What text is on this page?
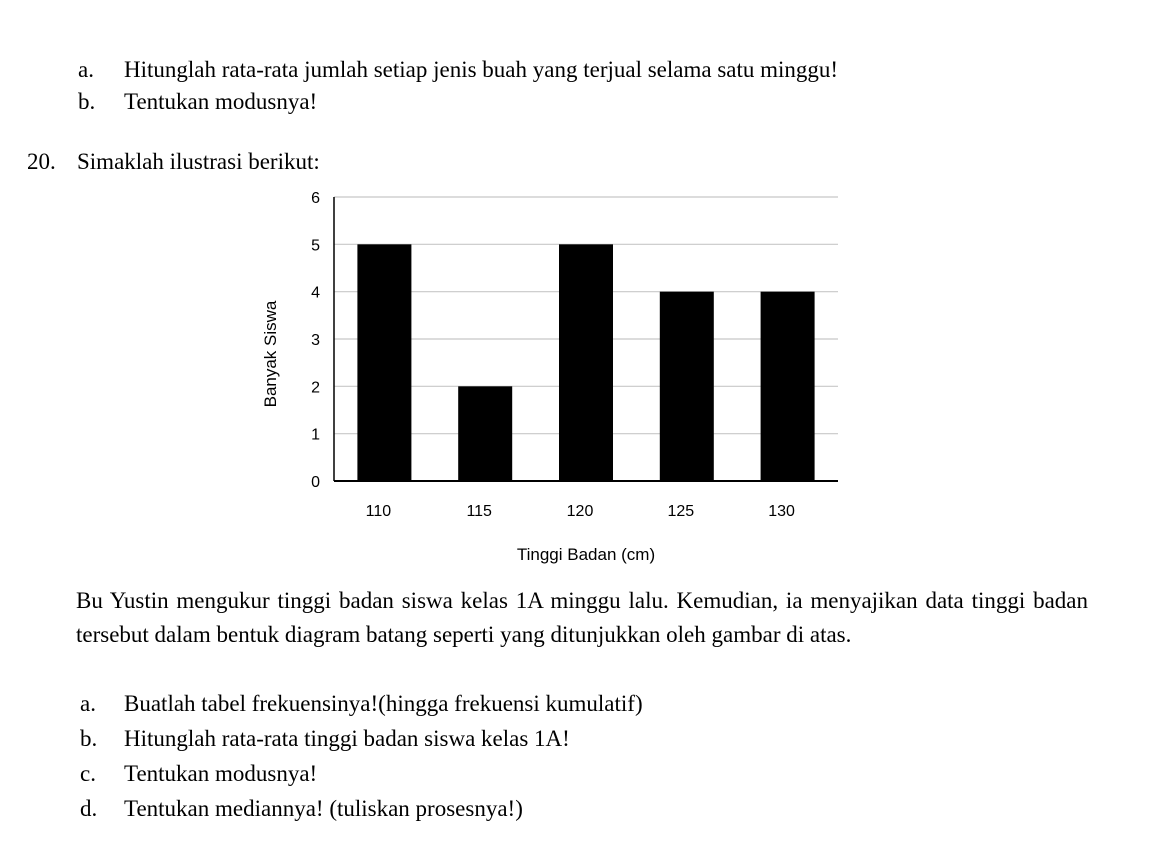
a. Hitunglah rata-rata jumlah setiap jenis buah yang terjual selama satu minggu!
b. Tentukan modusnya!
20. Simaklah ilustrasi berikut:
0
1
2
3
4
5
6
110	115	120	125	130
Tinggi Badan (cm)
Banyak Siswa
Bu Yustin mengukur tinggi badan siswa kelas 1A minggu lalu. Kemudian, ia menyajikan data tinggi badan tersebut dalam bentuk diagram batang seperti yang ditunjukkan oleh gambar di atas.
a. Buatlah tabel frekuensinya!(hingga frekuensi kumulatif)
b. Hitunglah rata-rata tinggi badan siswa kelas 1A!
c. Tentukan modusnya!
d. Tentukan mediannya! (tuliskan prosesnya!)
